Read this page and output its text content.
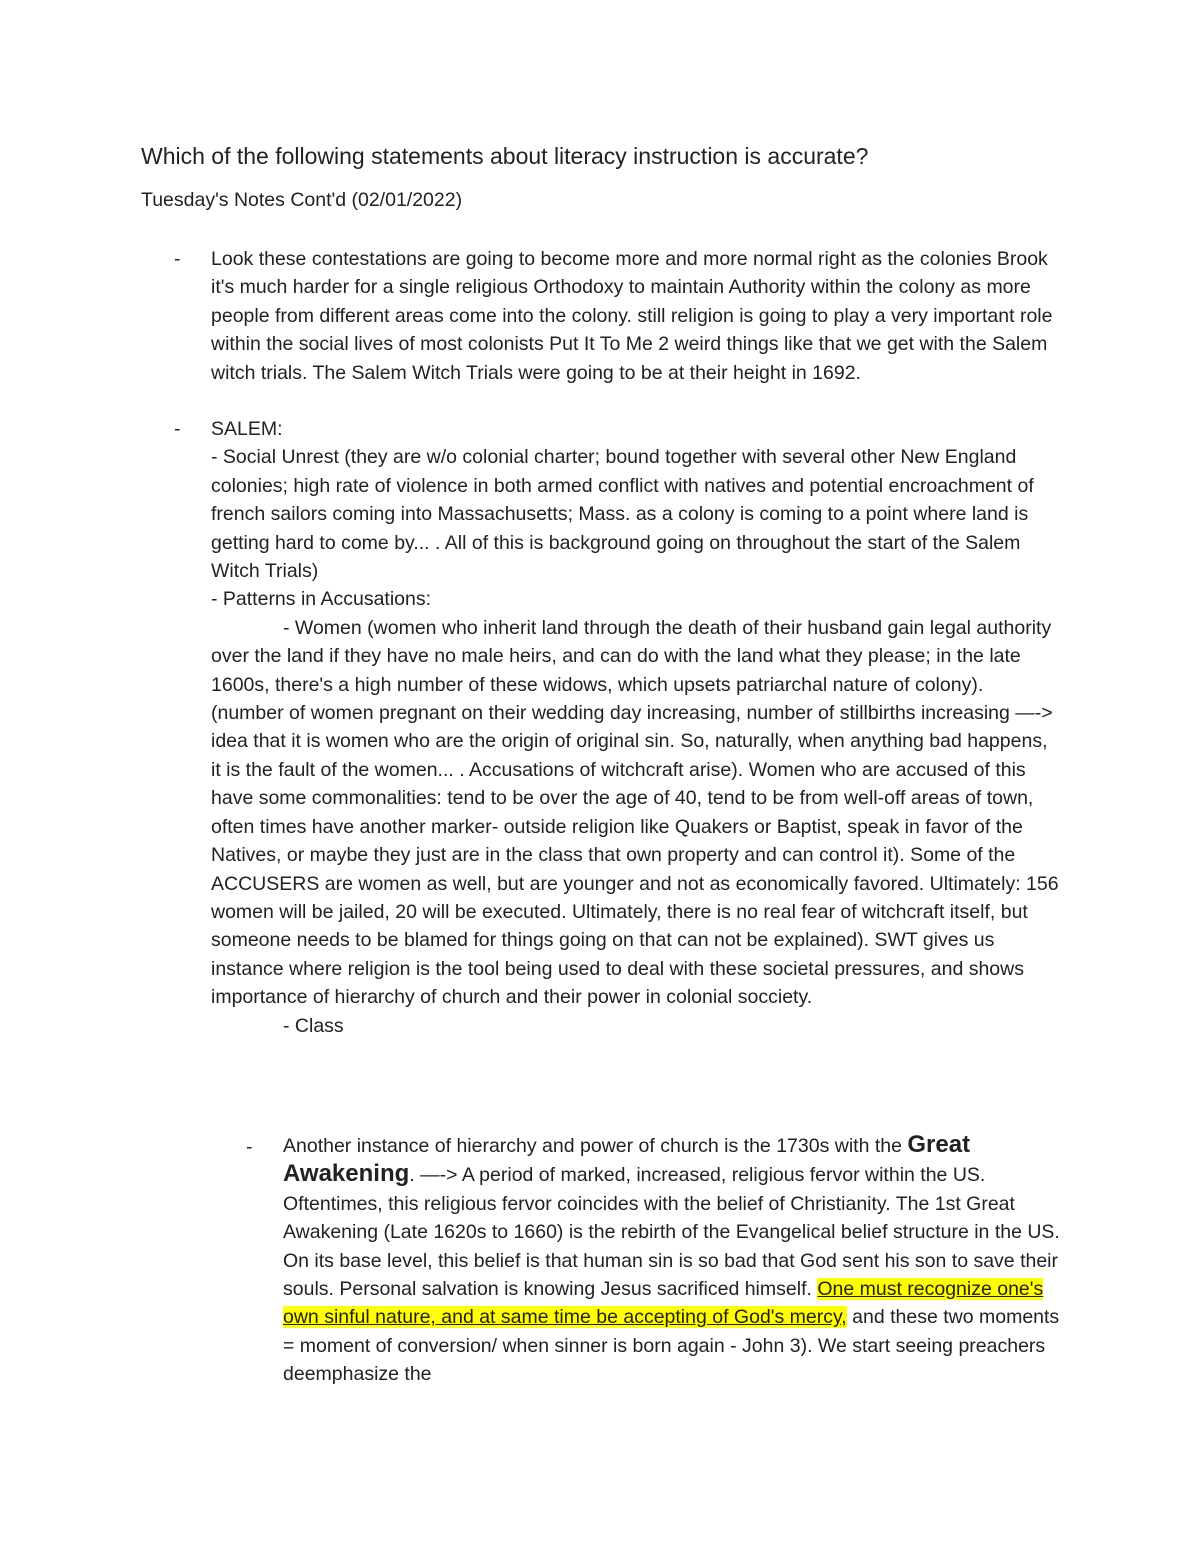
Which of the following statements about literacy instruction is accurate?
Tuesday's Notes Cont'd (02/01/2022)
- Look these contestations are going to become more and more normal right as the colonies Brook it's much harder for a single religious Orthodoxy to maintain Authority within the colony as more people from different areas come into the colony. still religion is going to play a very important role within the social lives of most colonists Put It To Me 2 weird things like that we get with the Salem witch trials. The Salem Witch Trials were going to be at their height in 1692.
- SALEM:

- Social Unrest (they are w/o colonial charter; bound together with several other New England colonies; high rate of violence in both armed conflict with natives and potential encroachment of french sailors coming into Massachusetts; Mass. as a colony is coming to a point where land is getting hard to come by... . All of this is background going on throughout the start of the Salem Witch Trials)

- Patterns in Accusations:

- Women (women who inherit land through the death of their husband gain legal authority over the land if they have no male heirs, and can do with the land what they please; in the late 1600s, there's a high number of these widows, which upsets patriarchal nature of colony). (number of women pregnant on their wedding day increasing, number of stillbirths increasing —-> idea that it is women who are the origin of original sin. So, naturally, when anything bad happens, it is the fault of the women... . Accusations of witchcraft arise). Women who are accused of this have some commonalities: tend to be over the age of 40, tend to be from well-off areas of town, often times have another marker- outside religion like Quakers or Baptist, speak in favor of the Natives, or maybe they just are in the class that own property and can control it). Some of the ACCUSERS are women as well, but are younger and not as economically favored. Ultimately: 156 women will be jailed, 20 will be executed. Ultimately, there is no real fear of witchcraft itself, but someone needs to be blamed for things going on that can not be explained). SWT gives us instance where religion is the tool being used to deal with these societal pressures, and shows importance of hierarchy of church and their power in colonial socciety.

- Class

- Another instance of hierarchy and power of church is the 1730s with the Great Awakening. —-> A period of marked, increased, religious fervor within the US. Oftentimes, this religious fervor coincides with the belief of Christianity. The 1st Great Awakening (Late 1620s to 1660) is the rebirth of the Evangelical belief structure in the US. On its base level, this belief is that human sin is so bad that God sent his son to save their souls. Personal salvation is knowing Jesus sacrificed himself. One must recognize one's own sinful nature, and at same time be accepting of God's mercy, and these two moments = moment of conversion/ when sinner is born again - John 3). We start seeing preachers deemphasize the
